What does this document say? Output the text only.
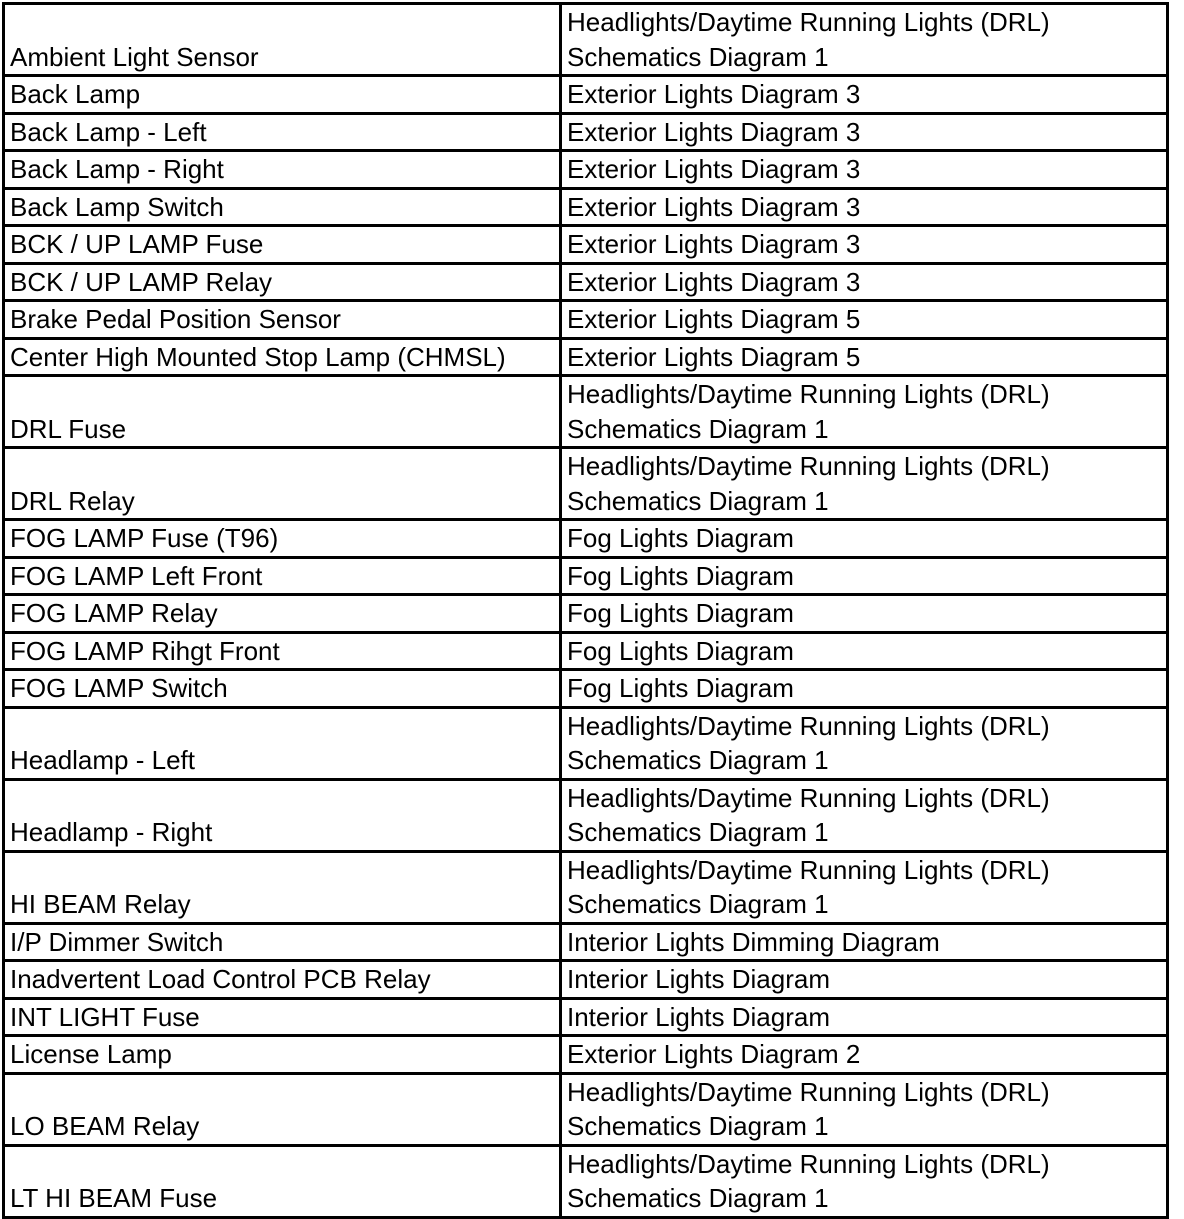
Ambient Light Sensor	Headlights/Daytime Running Lights (DRL)
Schematics Diagram 1

Back Lamp	Exterior Lights Diagram 3

Back Lamp - Left	Exterior Lights Diagram 3

Back Lamp - Right	Exterior Lights Diagram 3

Back Lamp Switch	Exterior Lights Diagram 3

BCK / UP LAMP Fuse	Exterior Lights Diagram 3

BCK / UP LAMP Relay	Exterior Lights Diagram 3

Brake Pedal Position Sensor	Exterior Lights Diagram 5

Center High Mounted Stop Lamp (CHMSL)	Exterior Lights Diagram 5

DRL Fuse	Headlights/Daytime Running Lights (DRL)
Schematics Diagram 1

DRL Relay	Headlights/Daytime Running Lights (DRL)
Schematics Diagram 1

FOG LAMP Fuse (T96)	Fog Lights Diagram

FOG LAMP Left Front	Fog Lights Diagram

FOG LAMP Relay	Fog Lights Diagram

FOG LAMP Rihgt Front	Fog Lights Diagram

FOG LAMP Switch	Fog Lights Diagram

Headlamp - Left	Headlights/Daytime Running Lights (DRL)
Schematics Diagram 1

Headlamp - Right	Headlights/Daytime Running Lights (DRL)
Schematics Diagram 1

HI BEAM Relay	Headlights/Daytime Running Lights (DRL)
Schematics Diagram 1

I/P Dimmer Switch	Interior Lights Dimming Diagram

Inadvertent Load Control PCB Relay	Interior Lights Diagram

INT LIGHT Fuse	Interior Lights Diagram

License Lamp	Exterior Lights Diagram 2

LO BEAM Relay	Headlights/Daytime Running Lights (DRL)
Schematics Diagram 1

LT HI BEAM Fuse	Headlights/Daytime Running Lights (DRL)
Schematics Diagram 1
